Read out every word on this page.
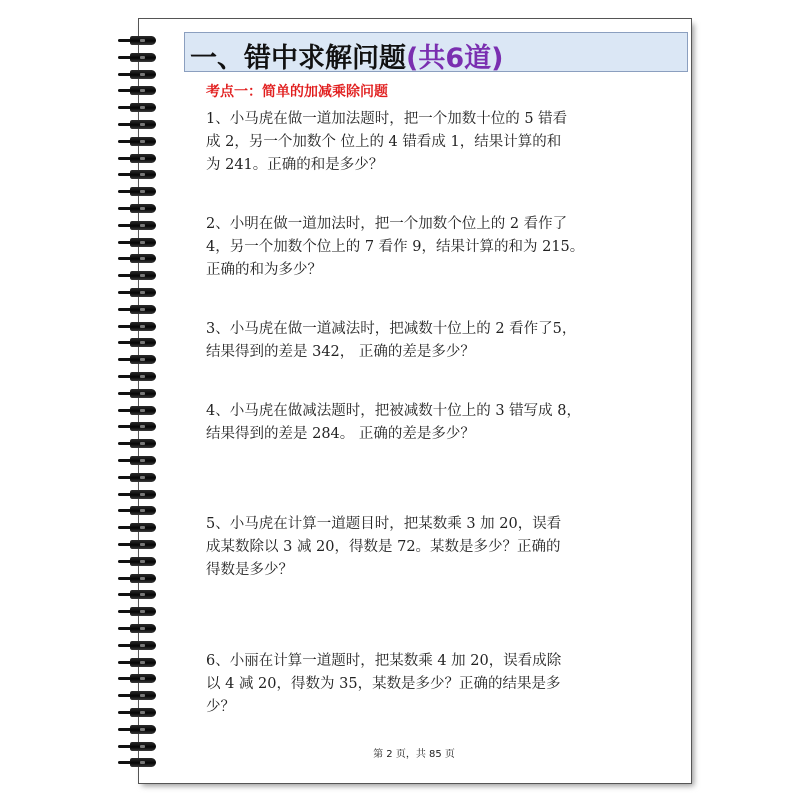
一、错中求解问题(共6道)
考点一：简单的加减乘除问题
1、小马虎在做一道加法题时，把一个加数十位的 5 错看
成 2，另一个加数个 位上的 4 错看成 1，结果计算的和
为 241。正确的和是多少？
2、小明在做一道加法时，把一个加数个位上的 2 看作了
4，另一个加数个位上的 7 看作 9，结果计算的和为 215。
正确的和为多少？
3、小马虎在做一道减法时，把减数十位上的 2 看作了5，
结果得到的差是 342， 正确的差是多少？
4、小马虎在做减法题时，把被减数十位上的 3 错写成 8，
结果得到的差是 284。 正确的差是多少？
5、小马虎在计算一道题目时，把某数乘 3 加 20，误看
成某数除以 3 减 20，得数是 72。某数是多少？正确的
得数是多少？
6、小丽在计算一道题时，把某数乘 4 加 20，误看成除
以 4 减 20，得数为 35，某数是多少？正确的结果是多
少？
第 2 页，共 85 页
